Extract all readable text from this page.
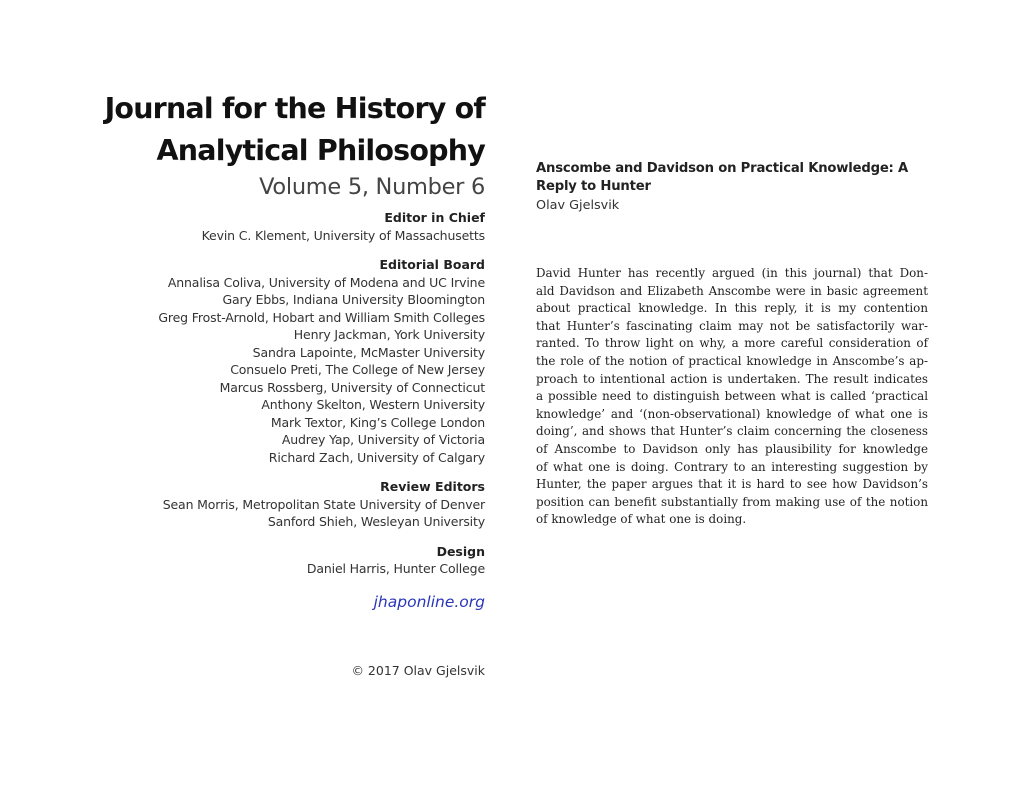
Journal for the History of
Analytical Philosophy
Volume 5, Number 6
Editor in Chief
Kevin C. Klement, University of Massachusetts
Editorial Board
Annalisa Coliva, University of Modena and UC Irvine
Gary Ebbs, Indiana University Bloomington
Greg Frost-Arnold, Hobart and William Smith Colleges
Henry Jackman, York University
Sandra Lapointe, McMaster University
Consuelo Preti, The College of New Jersey
Marcus Rossberg, University of Connecticut
Anthony Skelton, Western University
Mark Textor, King’s College London
Audrey Yap, University of Victoria
Richard Zach, University of Calgary
Review Editors
Sean Morris, Metropolitan State University of Denver
Sanford Shieh, Wesleyan University
Design
Daniel Harris, Hunter College
jhaponline.org
© 2017 Olav Gjelsvik
Anscombe and Davidson on Practical Knowledge: A Reply to Hunter
Olav Gjelsvik
David Hunter has recently argued (in this journal) that Don-
ald Davidson and Elizabeth Anscombe were in basic agreement
about practical knowledge. In this reply, it is my contention
that Hunter’s fascinating claim may not be satisfactorily war-
ranted. To throw light on why, a more careful consideration of
the role of the notion of practical knowledge in Anscombe’s ap-
proach to intentional action is undertaken. The result indicates
a possible need to distinguish between what is called ‘practical
knowledge’ and ‘(non-observational) knowledge of what one is
doing’, and shows that Hunter’s claim concerning the closeness
of Anscombe to Davidson only has plausibility for knowledge
of what one is doing. Contrary to an interesting suggestion by
Hunter, the paper argues that it is hard to see how Davidson’s
position can benefit substantially from making use of the notion
of knowledge of what one is doing.
